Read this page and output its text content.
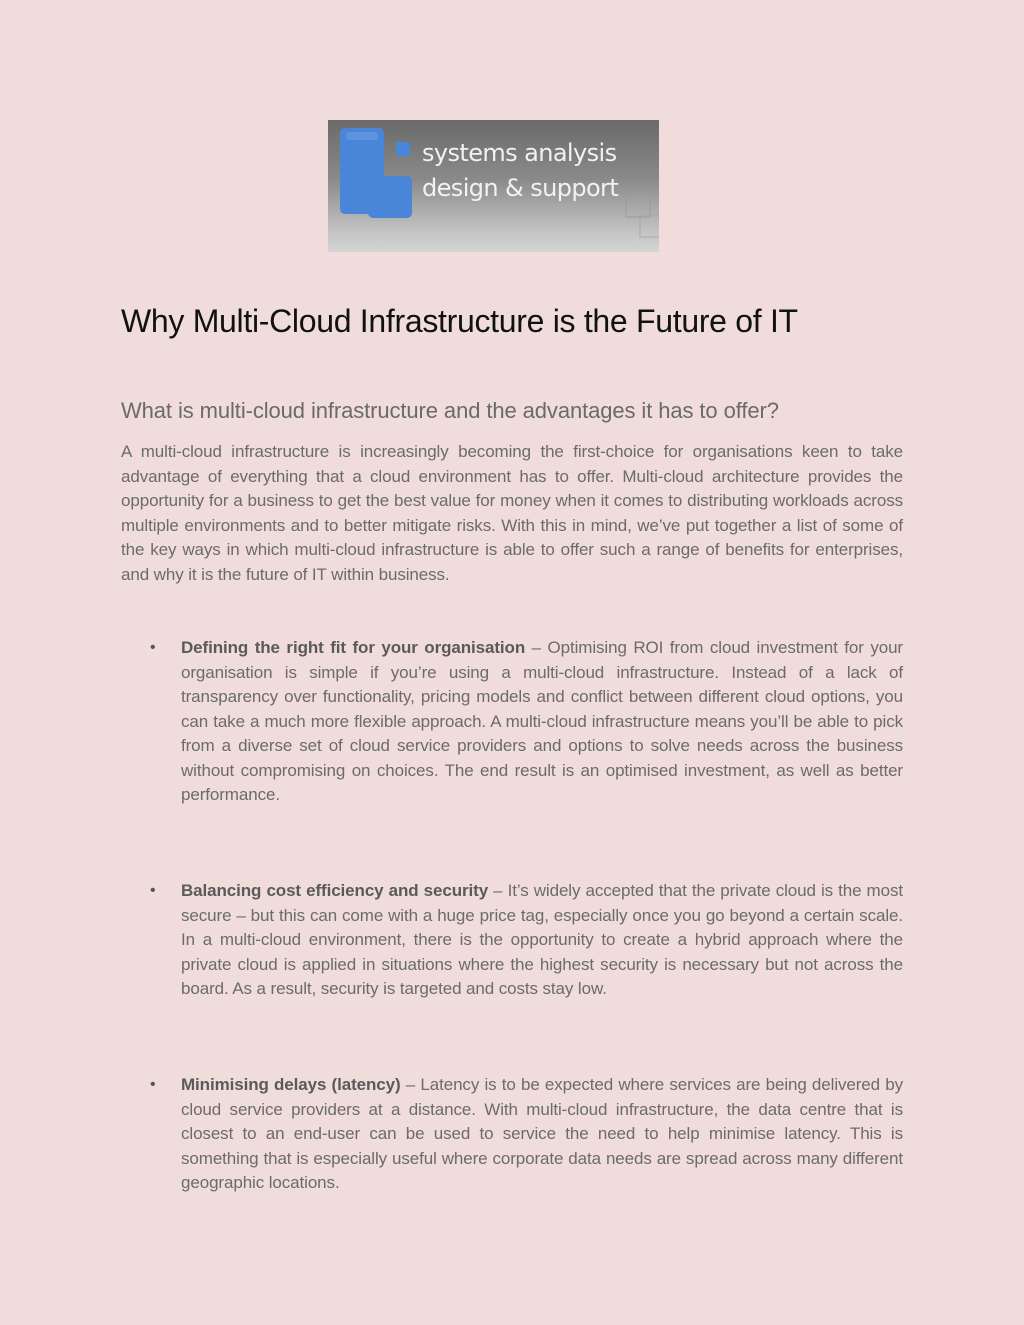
systems analysis
design & support
Why Multi-Cloud Infrastructure is the Future of IT
What is multi-cloud infrastructure and the advantages it has to offer?

A multi-cloud infrastructure is increasingly becoming the first-choice for organisations keen to take advantage of everything that a cloud environment has to offer. Multi-cloud architecture provides the opportunity for a business to get the best value for money when it comes to distributing workloads across multiple environments and to better mitigate risks. With this in mind, we’ve put together a list of some of the key ways in which multi-cloud infrastructure is able to offer such a range of benefits for enterprises, and why it is the future of IT within business.

• Defining the right fit for your organisation – Optimising ROI from cloud investment for your organisation is simple if you’re using a multi-cloud infrastructure. Instead of a lack of transparency over functionality, pricing models and conflict between different cloud options, you can take a much more flexible approach. A multi-cloud infrastructure means you’ll be able to pick from a diverse set of cloud service providers and options to solve needs across the business without compromising on choices. The end result is an optimised investment, as well as better performance.
• Balancing cost efficiency and security – It’s widely accepted that the private cloud is the most secure – but this can come with a huge price tag, especially once you go beyond a certain scale. In a multi-cloud environment, there is the opportunity to create a hybrid approach where the private cloud is applied in situations where the highest security is necessary but not across the board. As a result, security is targeted and costs stay low.
• Minimising delays (latency) – Latency is to be expected where services are being delivered by cloud service providers at a distance. With multi-cloud infrastructure, the data centre that is closest to an end-user can be used to service the need to help minimise latency. This is something that is especially useful where corporate data needs are spread across many different geographic locations.
